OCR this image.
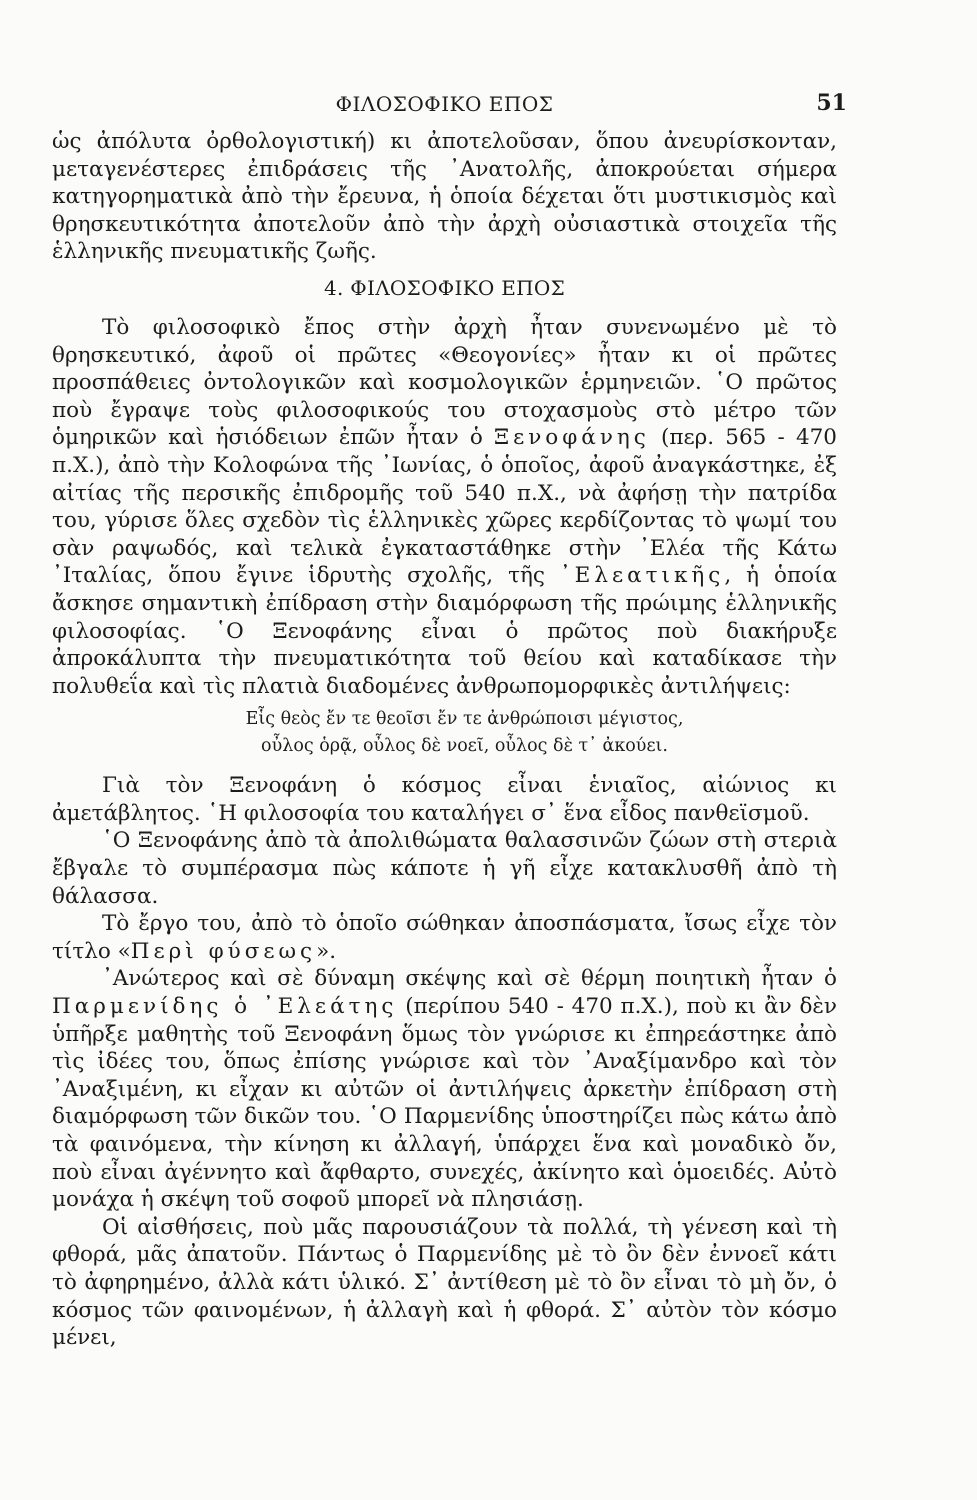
ΦΙΛΟΣΟΦΙΚΟ ΕΠΟΣ	51

ὡς ἀπόλυτα ὀρθολογιστική) κι ἀποτελοῦσαν, ὅπου ἀνευρίσκονταν, μεταγενέστερες ἐπιδράσεις τῆς ᾿Ανατολῆς, ἀποκρούεται σήμερα κατηγορηματικὰ ἀπὸ τὴν ἔρευνα, ἡ ὁποία δέχεται ὅτι μυστικισμὸς καὶ θρησκευτικότητα ἀποτελοῦν ἀπὸ τὴν ἀρχὴ οὐσιαστικὰ στοιχεῖα τῆς ἑλληνικῆς πνευματικῆς ζωῆς.

4. ΦΙΛΟΣΟΦΙΚΟ ΕΠΟΣ

Τὸ φιλοσοφικὸ ἔπος στὴν ἀρχὴ ἦταν συνενωμένο μὲ τὸ θρησκευτικό, ἀφοῦ οἱ πρῶτες «Θεογονίες» ἦταν κι οἱ πρῶτες προσπάθειες ὀντολογικῶν καὶ κοσμολογικῶν ἑρμηνειῶν. ῾Ο πρῶτος ποὺ ἔγραψε τοὺς φιλοσοφικούς του στοχασμοὺς στὸ μέτρο τῶν ὁμηρικῶν καὶ ἡσιόδειων ἐπῶν ἦταν ὁ Ξενοφάνης (περ. 565 - 470 π.Χ.), ἀπὸ τὴν Κολοφώνα τῆς ᾿Ιωνίας, ὁ ὁποῖος, ἀφοῦ ἀναγκάστηκε, ἐξ αἰτίας τῆς περσικῆς ἐπιδρομῆς τοῦ 540 π.Χ., νὰ ἀφήσῃ τὴν πατρίδα του, γύρισε ὅλες σχεδὸν τὶς ἑλληνικὲς χῶρες κερδίζοντας τὸ ψωμί του σὰν ραψωδός, καὶ τελικὰ ἐγκαταστάθηκε στὴν ᾿Ελέα τῆς Κάτω ᾿Ιταλίας, ὅπου ἔγινε ἱδρυτὴς σχολῆς, τῆς ᾿Ελεατικῆς, ἡ ὁποία ἄσκησε σημαντικὴ ἐπίδραση στὴν διαμόρφωση τῆς πρώιμης ἑλληνικῆς φιλοσοφίας. ῾Ο Ξενοφάνης εἶναι ὁ πρῶτος ποὺ διακήρυξε ἀπροκάλυπτα τὴν πνευματικότητα τοῦ θείου καὶ καταδίκασε τὴν πολυθεΐα καὶ τὶς πλατιὰ διαδομένες ἀνθρωπομορφικὲς ἀντιλήψεις:

Εἷς θεὸς ἔν τε θεοῖσι ἔν τε ἀνθρώποισι μέγιστος,
οὖλος ὁρᾷ, οὖλος δὲ νοεῖ, οὖλος δὲ τ᾿ ἀκούει.

Γιὰ τὸν Ξενοφάνη ὁ κόσμος εἶναι ἑνιαῖος, αἰώνιος κι ἀμετάβλητος. ῾Η φιλοσοφία του καταλήγει σ᾿ ἕνα εἶδος πανθεϊσμοῦ.

῾Ο Ξενοφάνης ἀπὸ τὰ ἀπολιθώματα θαλασσινῶν ζώων στὴ στεριὰ ἔβγαλε τὸ συμπέρασμα πὼς κάποτε ἡ γῆ εἶχε κατακλυσθῆ ἀπὸ τὴ θάλασσα.

Τὸ ἔργο του, ἀπὸ τὸ ὁποῖο σώθηκαν ἀποσπάσματα, ἴσως εἶχε τὸν τίτλο «Περὶ φύσεως».

᾿Ανώτερος καὶ σὲ δύναμη σκέψης καὶ σὲ θέρμη ποιητικὴ ἦταν ὁ Παρμενίδης ὁ ᾿Ελεάτης (περίπου 540 - 470 π.Χ.), ποὺ κι ἂν δὲν ὑπῆρξε μαθητὴς τοῦ Ξενοφάνη ὅμως τὸν γνώρισε κι ἐπηρεάστηκε ἀπὸ τὶς ἰδέες του, ὅπως ἐπίσης γνώρισε καὶ τὸν ᾿Αναξίμανδρο καὶ τὸν ᾿Αναξιμένη, κι εἶχαν κι αὐτῶν οἱ ἀντιλήψεις ἀρκετὴν ἐπίδραση στὴ διαμόρφωση τῶν δικῶν του. ῾Ο Παρμενίδης ὑποστηρίζει πὼς κάτω ἀπὸ τὰ φαινόμενα, τὴν κίνηση κι ἀλλαγή, ὑπάρχει ἕνα καὶ μοναδικὸ ὄν, ποὺ εἶναι ἀγέννητο καὶ ἄφθαρτο, συνεχές, ἀκίνητο καὶ ὁμοειδές. Αὐτὸ μονάχα ἡ σκέψη τοῦ σοφοῦ μπορεῖ νὰ πλησιάσῃ.

Οἱ αἰσθήσεις, ποὺ μᾶς παρουσιάζουν τὰ πολλά, τὴ γένεση καὶ τὴ φθορά, μᾶς ἀπατοῦν. Πάντως ὁ Παρμενίδης μὲ τὸ ὂν δὲν ἐννοεῖ κάτι τὸ ἀφηρημένο, ἀλλὰ κάτι ὑλικό. Σ᾿ ἀντίθεση μὲ τὸ ὂν εἶναι τὸ μὴ ὄν, ὁ κόσμος τῶν φαινομένων, ἡ ἀλλαγὴ καὶ ἡ φθορά. Σ᾿ αὐτὸν τὸν κόσμο μένει,
